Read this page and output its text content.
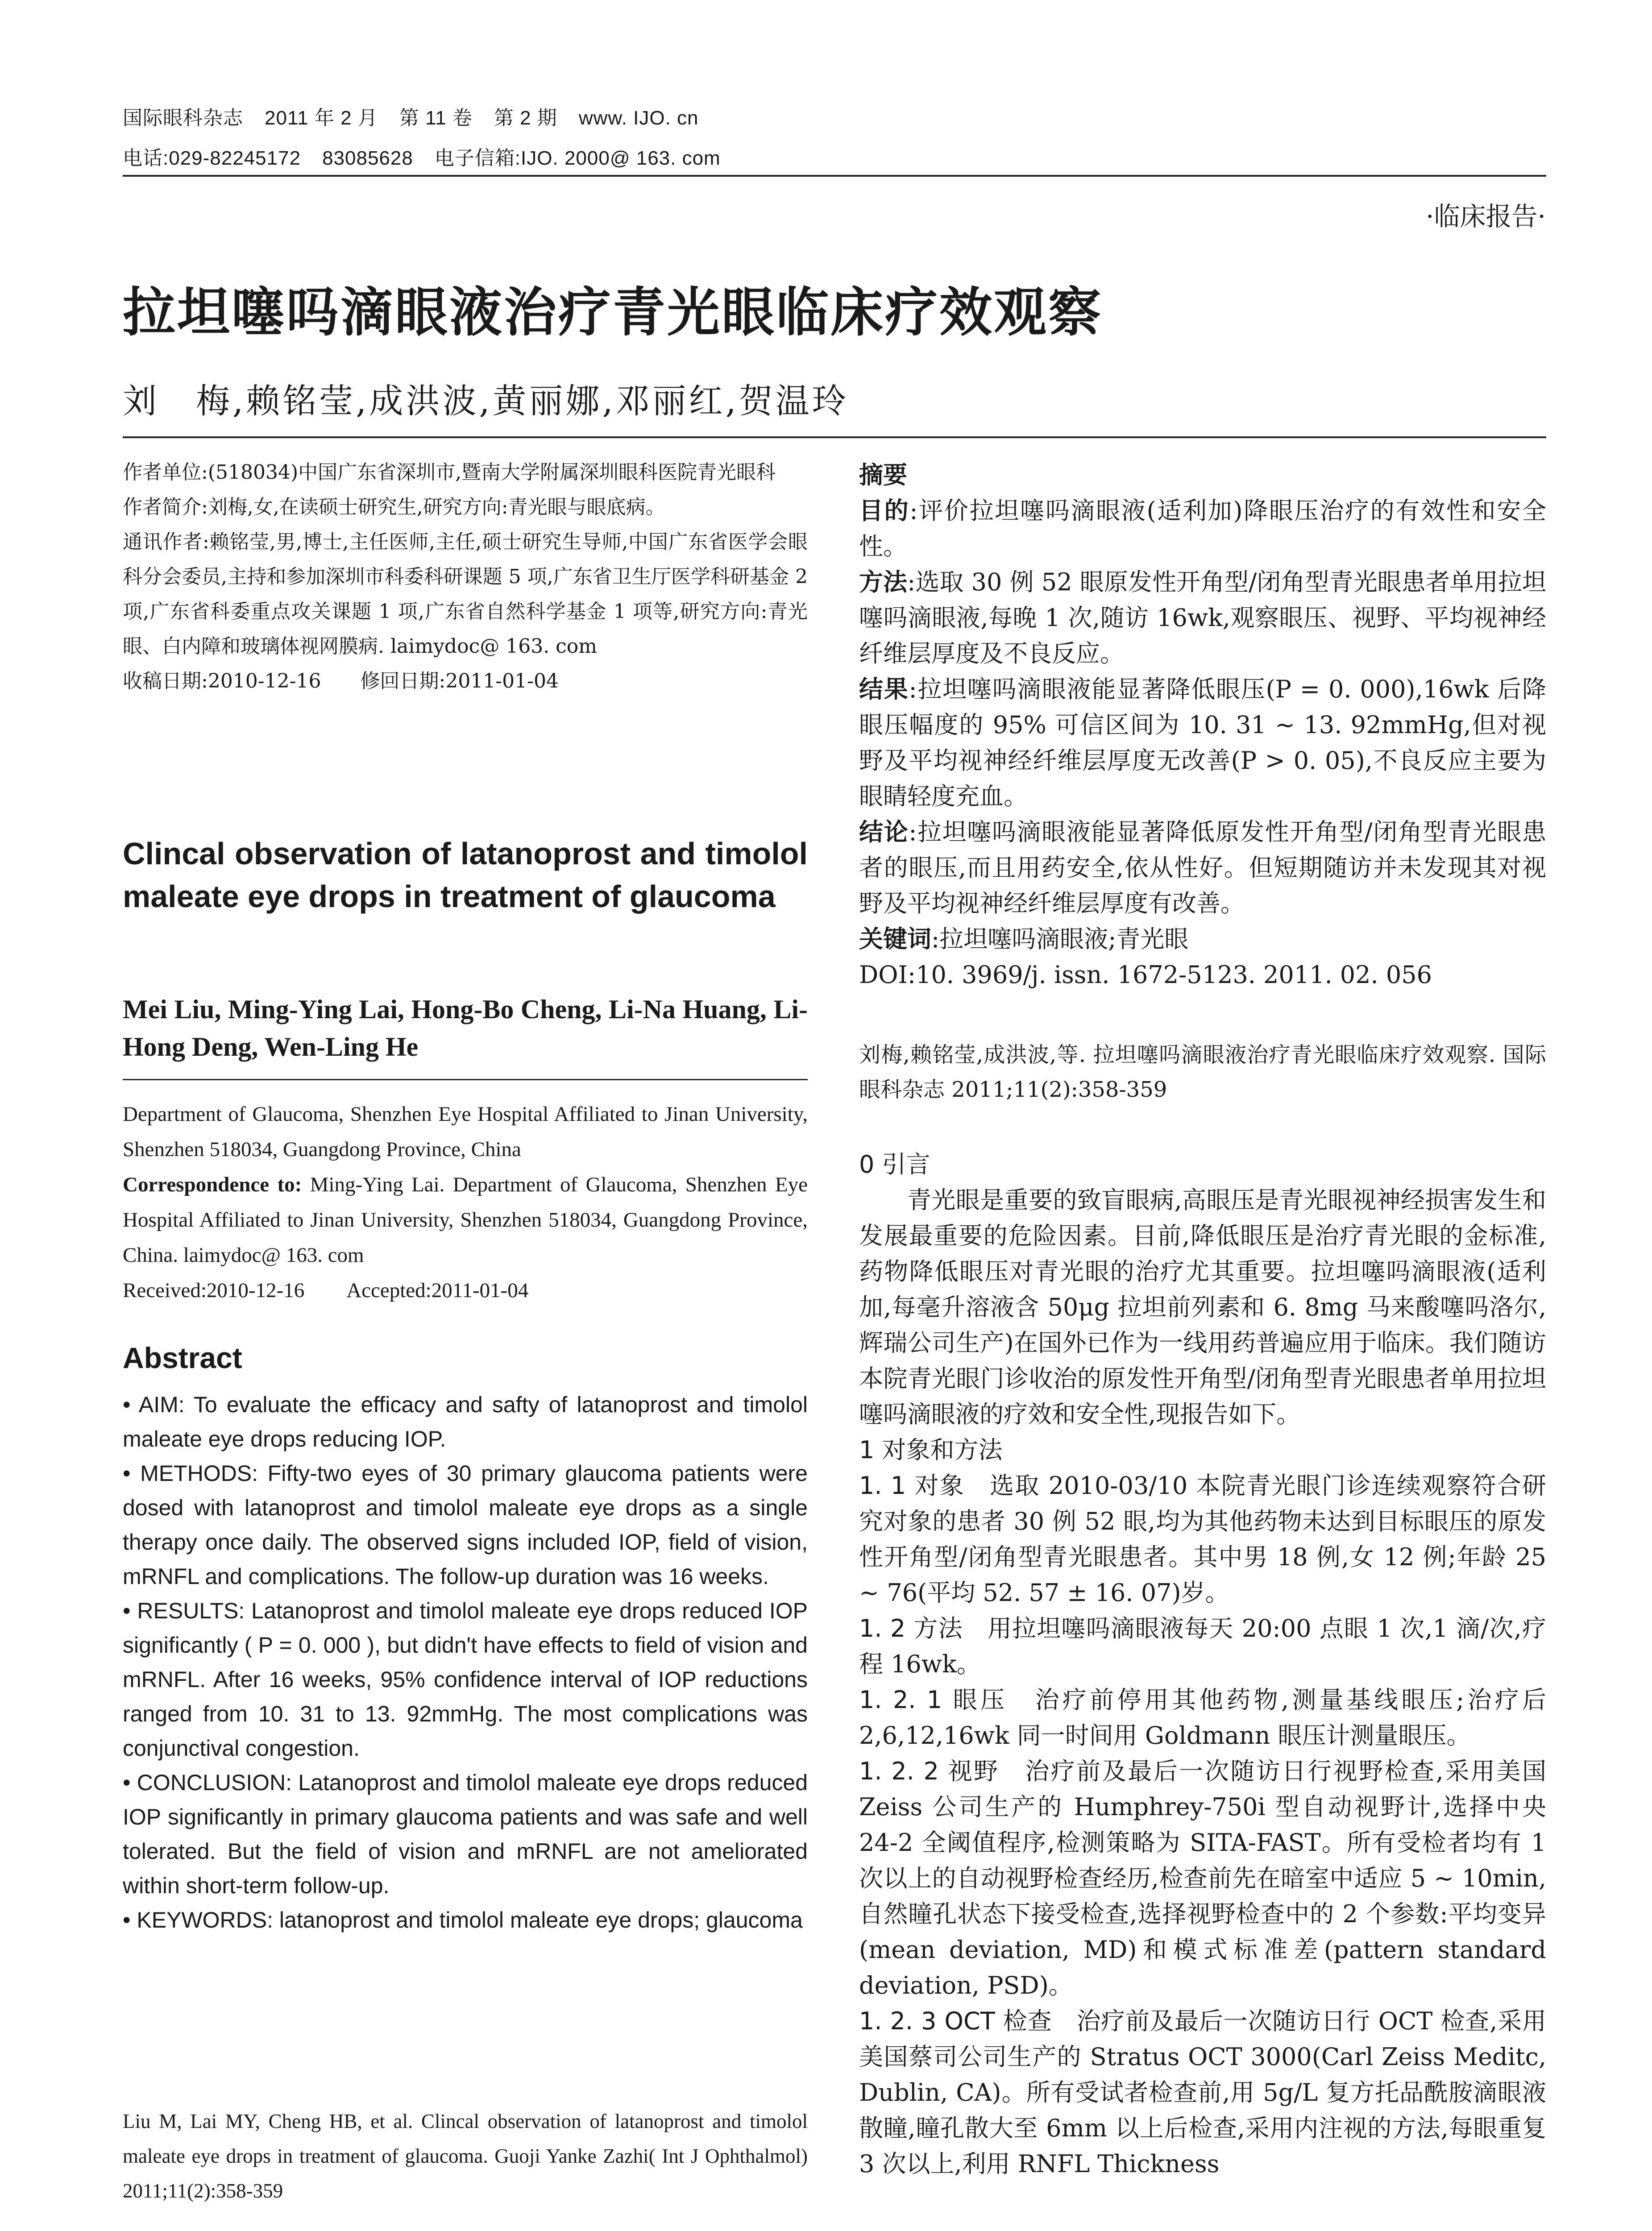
国际眼科杂志 2011 年 2 月 第 11 卷 第 2 期 www. IJO. cn
电话:029-82245172 83085628 电子信箱:IJO. 2000@ 163. com
·临床报告·
拉坦噻吗滴眼液治疗青光眼临床疗效观察
刘　梅,赖铭莹,成洪波,黄丽娜,邓丽红,贺温玲

作者单位:(518034)中国广东省深圳市,暨南大学附属深圳眼科医院青光眼科

作者简介:刘梅,女,在读硕士研究生,研究方向:青光眼与眼底病。

通讯作者:赖铭莹,男,博士,主任医师,主任,硕士研究生导师,中国广东省医学会眼科分会委员,主持和参加深圳市科委科研课题 5 项,广东省卫生厅医学科研基金 2 项,广东省科委重点攻关课题 1 项,广东省自然科学基金 1 项等,研究方向:青光眼、白内障和玻璃体视网膜病. laimydoc@ 163. com

收稿日期:2010-12-16　　修回日期:2011-01-04

Clincal observation of latanoprost and timolol maleate eye drops in treatment of glaucoma
Mei Liu, Ming-Ying Lai, Hong-Bo Cheng, Li-Na Huang, Li-Hong Deng, Wen-Ling He

Department of Glaucoma, Shenzhen Eye Hospital Affiliated to Jinan University, Shenzhen 518034, Guangdong Province, China

Correspondence to: Ming-Ying Lai. Department of Glaucoma, Shenzhen Eye Hospital Affiliated to Jinan University, Shenzhen 518034, Guangdong Province, China. laimydoc@ 163. com

Received:2010-12-16　　Accepted:2011-01-04

Abstract

• AIM: To evaluate the efficacy and safty of latanoprost and timolol maleate eye drops reducing IOP.

• METHODS: Fifty-two eyes of 30 primary glaucoma patients were dosed with latanoprost and timolol maleate eye drops as a single therapy once daily. The observed signs included IOP, field of vision, mRNFL and complications. The follow-up duration was 16 weeks.

• RESULTS: Latanoprost and timolol maleate eye drops reduced IOP significantly ( P = 0. 000 ), but didn't have effects to field of vision and mRNFL. After 16 weeks, 95% confidence interval of IOP reductions ranged from 10. 31 to 13. 92mmHg. The most complications was conjunctival congestion.

• CONCLUSION: Latanoprost and timolol maleate eye drops reduced IOP significantly in primary glaucoma patients and was safe and well tolerated. But the field of vision and mRNFL are not ameliorated within short-term follow-up.

• KEYWORDS: latanoprost and timolol maleate eye drops; glaucoma

Liu M, Lai MY, Cheng HB, et al. Clincal observation of latanoprost and timolol maleate eye drops in treatment of glaucoma. Guoji Yanke Zazhi( Int J Ophthalmol) 2011;11(2):358-359

摘要

目的:评价拉坦噻吗滴眼液(适利加)降眼压治疗的有效性和安全性。

方法:选取 30 例 52 眼原发性开角型/闭角型青光眼患者单用拉坦噻吗滴眼液,每晚 1 次,随访 16wk,观察眼压、视野、平均视神经纤维层厚度及不良反应。

结果:拉坦噻吗滴眼液能显著降低眼压(P = 0. 000),16wk 后降眼压幅度的 95% 可信区间为 10. 31 ~ 13. 92mmHg,但对视野及平均视神经纤维层厚度无改善(P > 0. 05),不良反应主要为眼睛轻度充血。

结论:拉坦噻吗滴眼液能显著降低原发性开角型/闭角型青光眼患者的眼压,而且用药安全,依从性好。但短期随访并未发现其对视野及平均视神经纤维层厚度有改善。

关键词:拉坦噻吗滴眼液;青光眼

DOI:10. 3969/j. issn. 1672-5123. 2011. 02. 056

刘梅,赖铭莹,成洪波,等. 拉坦噻吗滴眼液治疗青光眼临床疗效观察. 国际眼科杂志 2011;11(2):358-359

0 引言

青光眼是重要的致盲眼病,高眼压是青光眼视神经损害发生和发展最重要的危险因素。目前,降低眼压是治疗青光眼的金标准,药物降低眼压对青光眼的治疗尤其重要。拉坦噻吗滴眼液(适利加,每毫升溶液含 50μg 拉坦前列素和 6. 8mg 马来酸噻吗洛尔,辉瑞公司生产)在国外已作为一线用药普遍应用于临床。我们随访本院青光眼门诊收治的原发性开角型/闭角型青光眼患者单用拉坦噻吗滴眼液的疗效和安全性,现报告如下。

1 对象和方法

1. 1 对象　选取 2010-03/10 本院青光眼门诊连续观察符合研究对象的患者 30 例 52 眼,均为其他药物未达到目标眼压的原发性开角型/闭角型青光眼患者。其中男 18 例,女 12 例;年龄 25 ~ 76(平均 52. 57 ± 16. 07)岁。

1. 2 方法　用拉坦噻吗滴眼液每天 20:00 点眼 1 次,1 滴/次,疗程 16wk。

1. 2. 1 眼压　治疗前停用其他药物,测量基线眼压;治疗后 2,6,12,16wk 同一时间用 Goldmann 眼压计测量眼压。

1. 2. 2 视野　治疗前及最后一次随访日行视野检查,采用美国 Zeiss 公司生产的 Humphrey-750i 型自动视野计,选择中央 24-2 全阈值程序,检测策略为 SITA-FAST。所有受检者均有 1 次以上的自动视野检查经历,检查前先在暗室中适应 5 ~ 10min,自然瞳孔状态下接受检查,选择视野检查中的 2 个参数:平均变异(mean deviation, MD)和模式标准差(pattern standard deviation, PSD)。

1. 2. 3 OCT 检查　治疗前及最后一次随访日行 OCT 检查,采用美国蔡司公司生产的 Stratus OCT 3000(Carl Zeiss Meditc, Dublin, CA)。所有受试者检查前,用 5g/L 复方托品酰胺滴眼液散瞳,瞳孔散大至 6mm 以上后检查,采用内注视的方法,每眼重复 3 次以上,利用 RNFL Thickness
